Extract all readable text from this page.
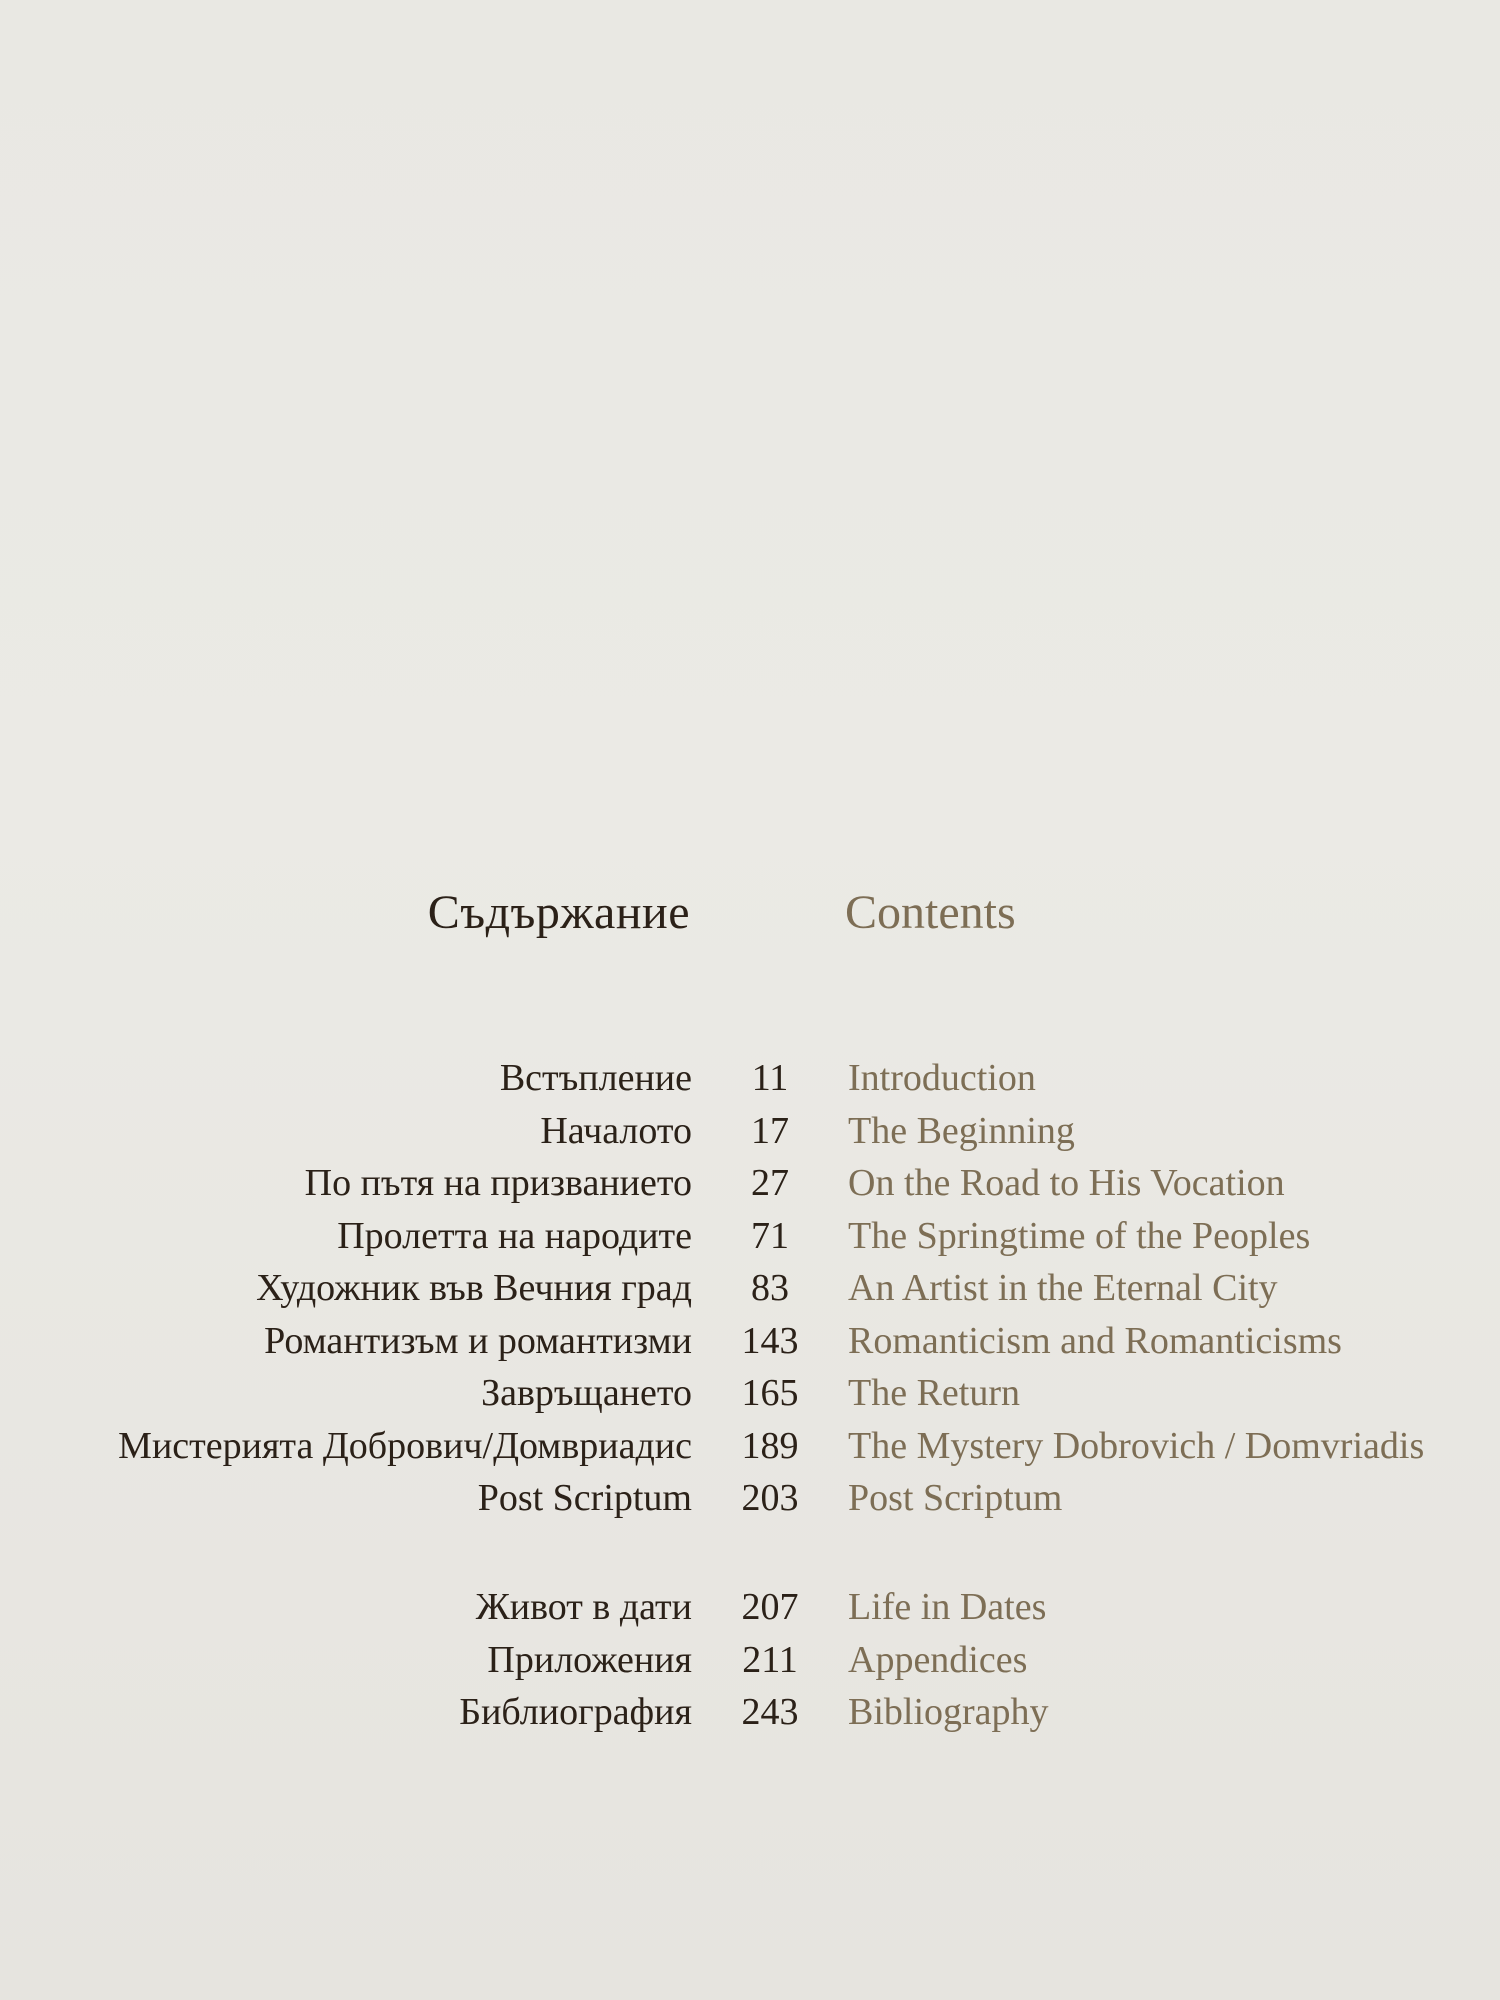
Съдържание	Contents
Встъпление	11	Introduction
Началото	17	The Beginning
По пътя на призванието	27	On the Road to His Vocation
Пролетта на народите	71	The Springtime of the Peoples
Художник във Вечния град	83	An Artist in the Eternal City
Романтизъм и романтизми	143	Romanticism and Romanticisms
Завръщането	165	The Return
Мистерията Добрович/Домвриадис	189	The Mystery Dobrovich / Domvriadis
Post Scriptum	203	Post Scriptum
Живот в дати	207	Life in Dates
Приложения	211	Appendices
Библиография	243	Bibliography
